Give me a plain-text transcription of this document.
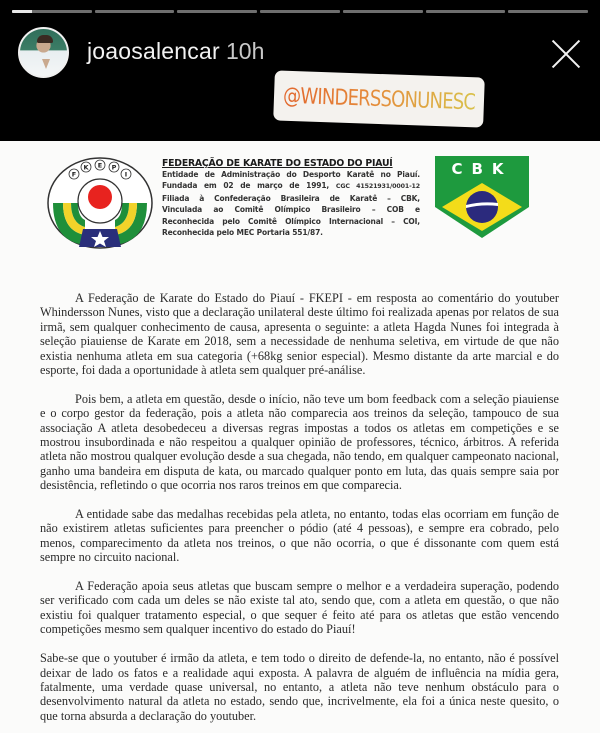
joaosalencar 10h
@WINDERSSONUNESC
F
K E P
I
FEDERAÇÃO DE KARATE DO ESTADO DO PIAUÍ
Entidade de Administração do Desporto Karatê no Piauí.
Fundada em 02 de março de 1991, CGC 41521931/0001-12
Filiada à Confederação Brasileira de Karatê – CBK,
Vinculada ao Comitê Olímpico Brasileiro – COB e
Reconhecida pelo Comitê Olímpico Internacional – COI,
Reconhecida pelo MEC Portaria 551/87.
CBK

A Federação de Karate do Estado do Piauí - FKEPI - em resposta ao comentário do youtuber Whindersson Nunes, visto que a declaração unilateral deste último foi realizada apenas por relatos de sua irmã, sem qualquer conhecimento de causa, apresenta o seguinte: a atleta Hagda Nunes foi integrada à seleção piauiense de Karate em 2018, sem a necessidade de nenhuma seletiva, em virtude de que não existia nenhuma atleta em sua categoria (+68kg senior especial). Mesmo distante da arte marcial e do esporte, foi dada a oportunidade à atleta sem qualquer pré-análise.

Pois bem, a atleta em questão, desde o início, não teve um bom feedback com a seleção piauiense e o corpo gestor da federação, pois a atleta não comparecia aos treinos da seleção, tampouco de sua associação A atleta desobedeceu a diversas regras impostas a todos os atletas em competições e se mostrou insubordinada e não respeitou a qualquer opinião de professores, técnico, árbitros. A referida atleta não mostrou qualquer evolução desde a sua chegada, não tendo, em qualquer campeonato nacional, ganho uma bandeira em disputa de kata, ou marcado qualquer ponto em luta, das quais sempre saia por desistência, refletindo o que ocorria nos raros treinos em que comparecia.

A entidade sabe das medalhas recebidas pela atleta, no entanto, todas elas ocorriam em função de não existirem atletas suficientes para preencher o pódio (até 4 pessoas), e sempre era cobrado, pelo menos, comparecimento da atleta nos treinos, o que não ocorria, o que é dissonante com quem está sempre no circuito nacional.

A Federação apoia seus atletas que buscam sempre o melhor e a verdadeira superação, podendo ser verificado com cada um deles se não existe tal ato, sendo que, com a atleta em questão, o que não existiu foi qualquer tratamento especial, o que sequer é feito até para os atletas que estão vencendo competições mesmo sem qualquer incentivo do estado do Piauí!

Sabe-se que o youtuber é irmão da atleta, e tem todo o direito de defende-la, no entanto, não é possível deixar de lado os fatos e a realidade aqui exposta. A palavra de alguém de influência na mídia gera, fatalmente, uma verdade quase universal, no entanto, a atleta não teve nenhum obstáculo para o desenvolvimento natural da atleta no estado, sendo que, incrivelmente, ela foi a única neste quesito, o que torna absurda a declaração do youtuber.
